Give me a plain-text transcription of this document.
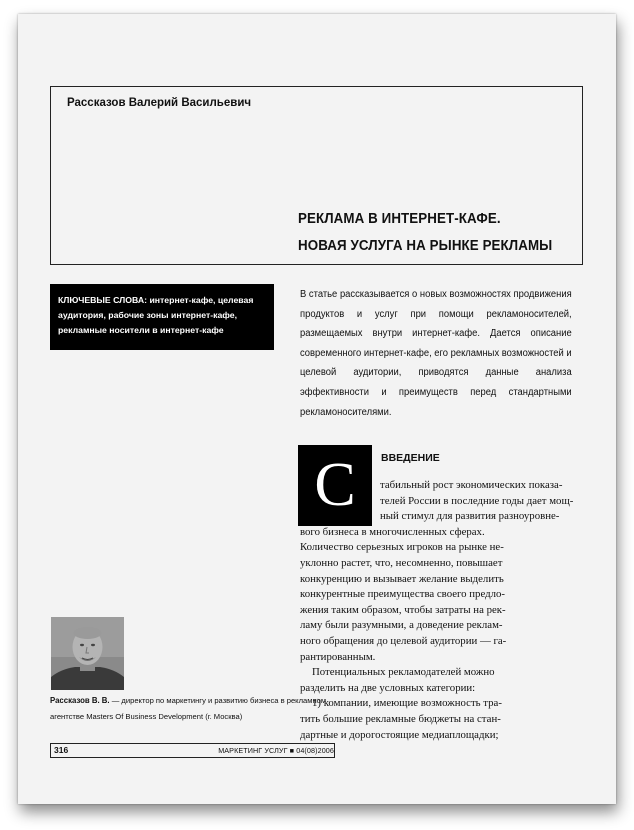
Рассказов Валерий Васильевич
РЕКЛАМА В ИНТЕРНЕТ-КАФЕ.
НОВАЯ УСЛУГА НА РЫНКЕ РЕКЛАМЫ
КЛЮЧЕВЫЕ СЛОВА: интернет-кафе, целевая аудитория, рабочие зоны интернет-кафе, рекламные носители в интернет-кафе

В статье рассказывается о новых возможностях продвижения продуктов и услуг при помощи рекламоносителей, размещаемых внутри интернет-кафе. Дается описание современного интернет-кафе, его рекламных возможностей и целевой аудитории, приводятся данные анализа эффективности и преимуществ перед стандартными рекламоносителями.

С	ВВЕДЕНИЕ
табильный рост экономических показа-
телей России в последние годы дает мощ-
ный стимул для развития разноуровне-
вого бизнеса в многочисленных сферах.
Количество серьезных игроков на рынке не-
уклонно растет, что, несомненно, повышает
конкуренцию и вызывает желание выделить
конкурентные преимущества своего предло-
жения таким образом, чтобы затраты на рек-
ламу были разумными, а доведение реклам-
ного обращения до целевой аудитории — га-
рантированным.
Потенциальных рекламодателей можно
разделить на две условных категории:
1) компании, имеющие возможность тра-
тить большие рекламные бюджеты на стан-
дартные и дорогостоящие медиаплощадки;
Рассказов В. В. — директор по маркетингу и развитию бизнеса в рекламном агентстве Masters Of Business Development (г. Москва)
316	МАРКЕТИНГ УСЛУГ ■ 04(08)2006
